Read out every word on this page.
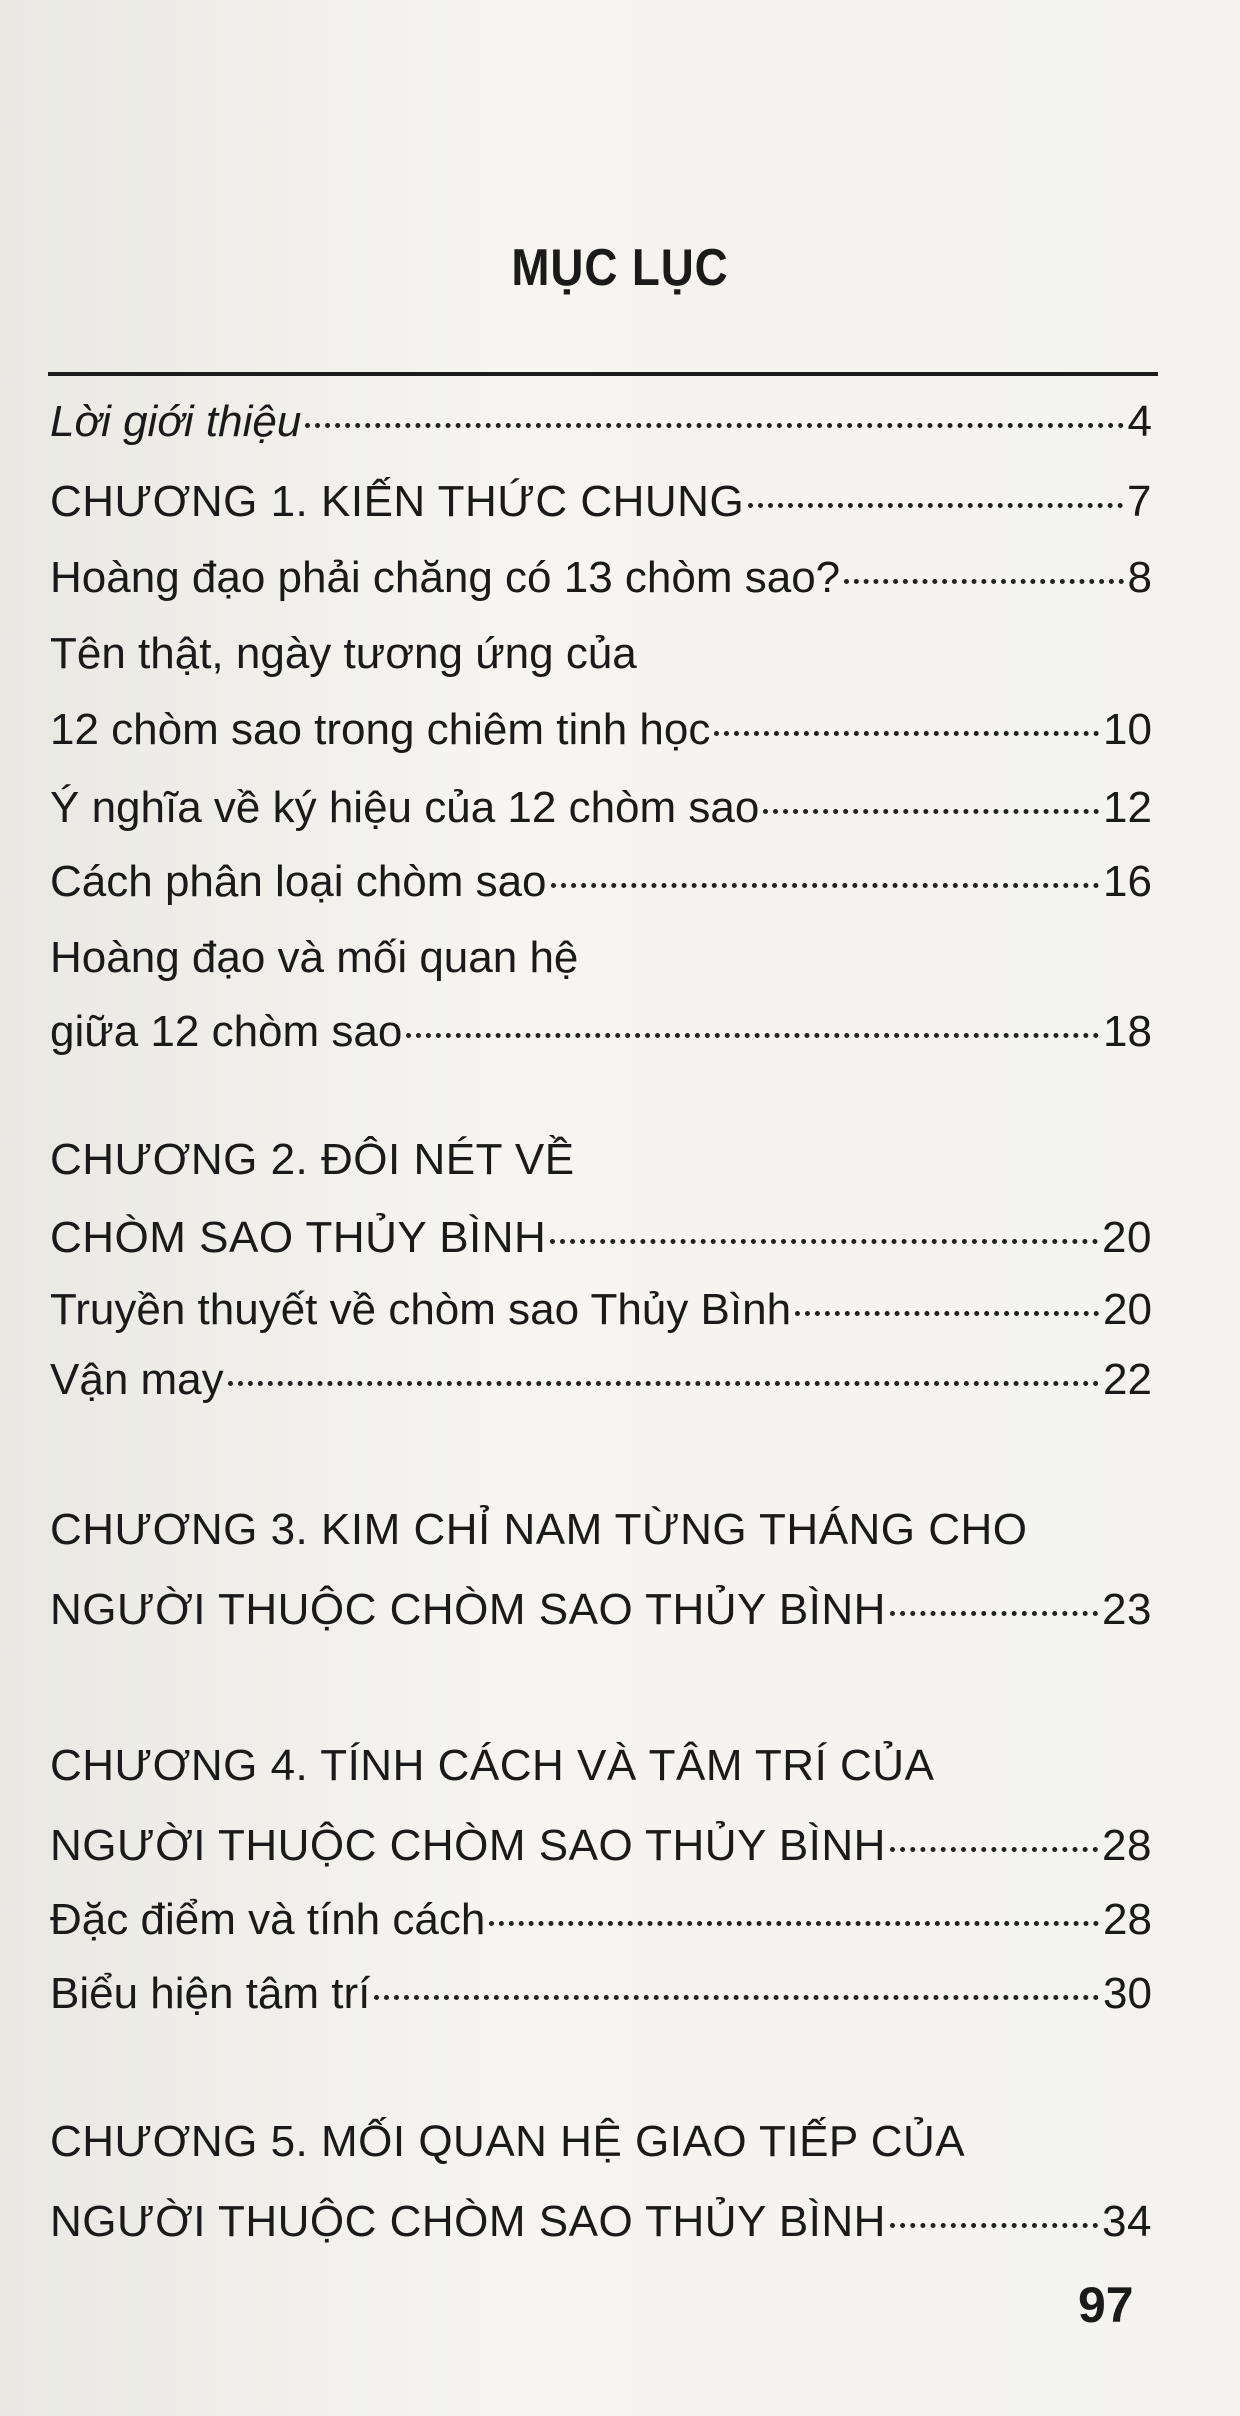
MỤC LỤC
Lời giới thiệu	4
CHƯƠNG 1. KIẾN THỨC CHUNG	7
Hoàng đạo phải chăng có 13 chòm sao?	8
Tên thật, ngày tương ứng của
12 chòm sao trong chiêm tinh học	10
Ý nghĩa về ký hiệu của 12 chòm sao	12
Cách phân loại chòm sao	16
Hoàng đạo và mối quan hệ
giữa 12 chòm sao	18
CHƯƠNG 2. ĐÔI NÉT VỀ
CHÒM SAO THỦY BÌNH	20
Truyền thuyết về chòm sao Thủy Bình	20
Vận may	22
CHƯƠNG 3. KIM CHỈ NAM TỪNG THÁNG CHO
NGƯỜI THUỘC CHÒM SAO THỦY BÌNH	23
CHƯƠNG 4. TÍNH CÁCH VÀ TÂM TRÍ CỦA
NGƯỜI THUỘC CHÒM SAO THỦY BÌNH	28
Đặc điểm và tính cách	28
Biểu hiện tâm trí	30
CHƯƠNG 5. MỐI QUAN HỆ GIAO TIẾP CỦA
NGƯỜI THUỘC CHÒM SAO THỦY BÌNH	34
97
